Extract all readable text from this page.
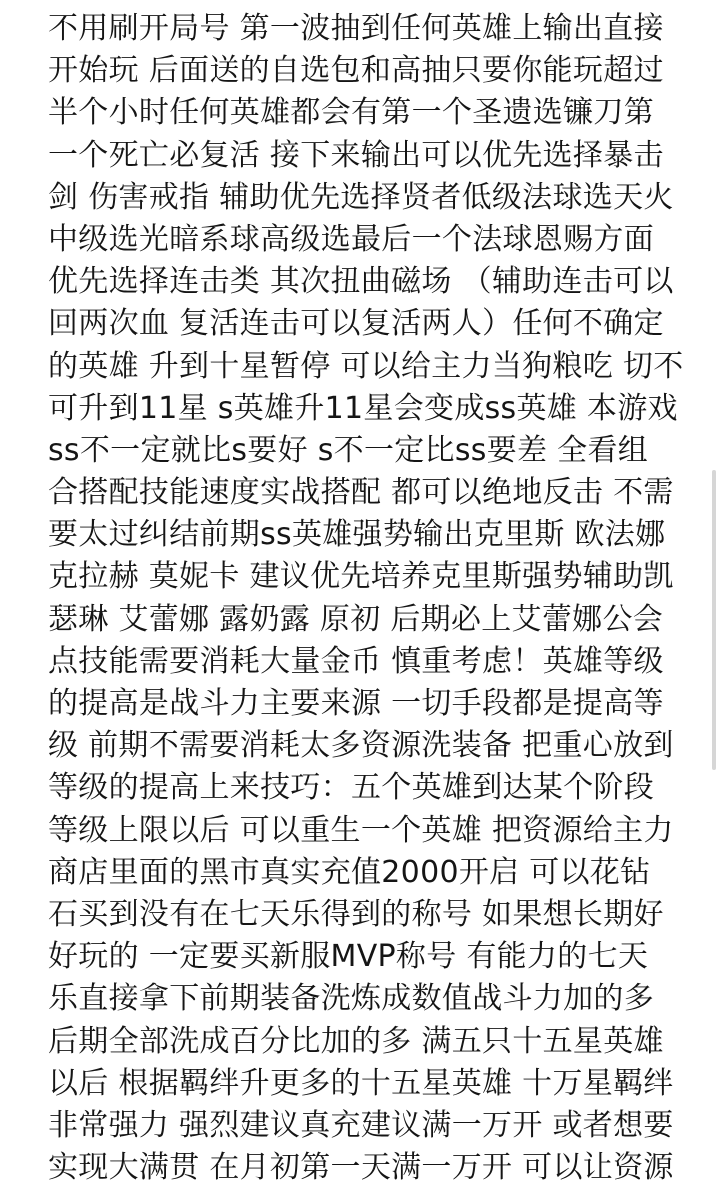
不用刷开局号 第一波抽到任何英雄上输出直接
开始玩 后面送的自选包和高抽只要你能玩超过
半个小时任何英雄都会有第一个圣遗选镰刀第
一个死亡必复活 接下来输出可以优先选择暴击
剑 伤害戒指 辅助优先选择贤者低级法球选天火
中级选光暗系球高级选最后一个法球恩赐方面
优先选择连击类 其次扭曲磁场 （辅助连击可以
回两次血 复活连击可以复活两人）任何不确定
的英雄 升到十星暂停 可以给主力当狗粮吃 切不
可升到11星 s英雄升11星会变成ss英雄 本游戏
ss不一定就比s要好 s不一定比ss要差 全看组
合搭配技能速度实战搭配 都可以绝地反击 不需
要太过纠结前期ss英雄强势输出克里斯 欧法娜
克拉赫 莫妮卡 建议优先培养克里斯强势辅助凯
瑟琳 艾蕾娜 露奶露 原初 后期必上艾蕾娜公会
点技能需要消耗大量金币 慎重考虑！英雄等级
的提高是战斗力主要来源 一切手段都是提高等
级 前期不需要消耗太多资源洗装备 把重心放到
等级的提高上来技巧：五个英雄到达某个阶段
等级上限以后 可以重生一个英雄 把资源给主力
商店里面的黑市真实充值2000开启 可以花钻
石买到没有在七天乐得到的称号 如果想长期好
好玩的 一定要买新服MVP称号 有能力的七天
乐直接拿下前期装备洗炼成数值战斗力加的多
后期全部洗成百分比加的多 满五只十五星英雄
以后 根据羁绊升更多的十五星英雄 十万星羁绊
非常强力 强烈建议真充建议满一万开 或者想要
实现大满贯 在月初第一天满一万开 可以让资源
